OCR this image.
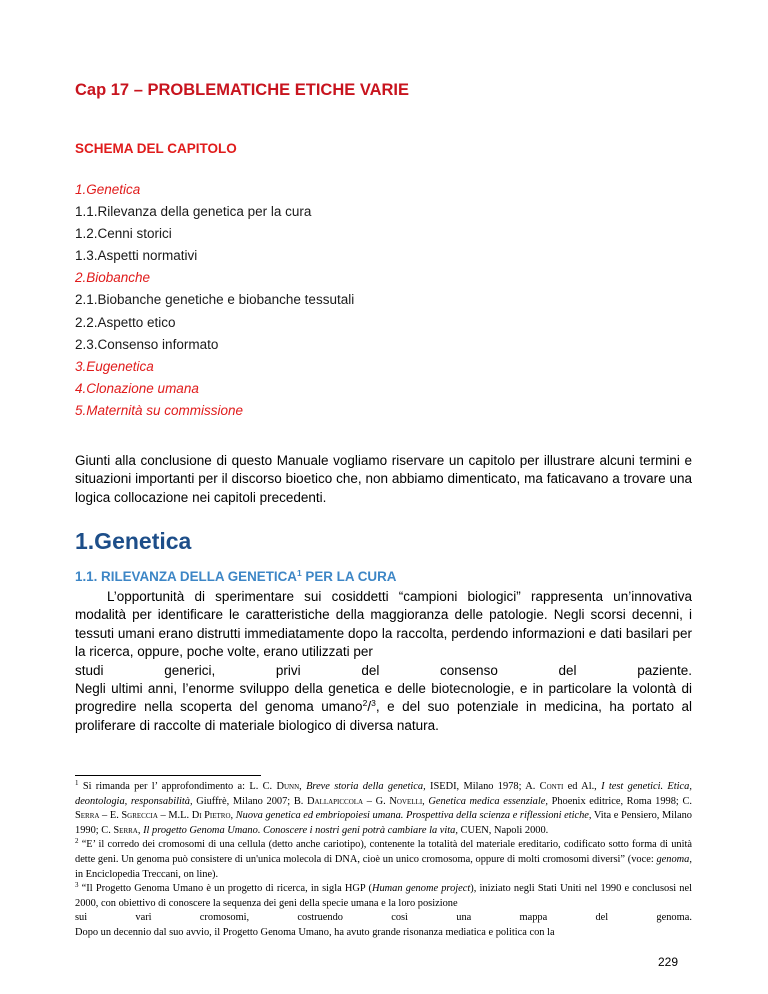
Cap 17 – PROBLEMATICHE ETICHE VARIE
SCHEMA DEL CAPITOLO
1.Genetica
1.1.Rilevanza della genetica per la cura
1.2.Cenni storici
1.3.Aspetti normativi
2.Biobanche
2.1.Biobanche genetiche e biobanche tessutali
2.2.Aspetto etico
2.3.Consenso informato
3.Eugenetica
4.Clonazione umana
5.Maternità su commissione

Giunti alla conclusione di questo Manuale vogliamo riservare un capitolo per illustrare alcuni termini e situazioni importanti per il discorso bioetico che, non abbiamo dimenticato, ma faticavano a trovare una logica collocazione nei capitoli precedenti.

1.Genetica
1.1. RILEVANZA DELLA GENETICA$^1$ PER LA CURA
L’opportunità di sperimentare sui cosiddetti “campioni biologici” rappresenta un’innovativa modalità per identificare le caratteristiche della maggioranza delle patologie. Negli scorsi decenni, i tessuti umani erano distrutti immediatamente dopo la raccolta, perdendo informazioni e dati basilari per la ricerca, oppure, poche volte, erano utilizzati per
studi	generici,	privi	del	consenso	del	paziente.
Negli ultimi anni, l’enorme sviluppo della genetica e delle biotecnologie, e in particolare la volontà di progredire nella scoperta del genoma umano$^2$/$^3$, e del suo potenziale in medicina, ha portato al proliferare di raccolte di materiale biologico di diversa natura.

$^1$ Si rimanda per l’ approfondimento a: L. C. Dunn, Breve storia della genetica, ISEDI, Milano 1978; A. Conti ed Al., I test genetici. Etica, deontologia, responsabilità, Giuffrè, Milano 2007; B. Dallapiccola – G. Novelli, Genetica medica essenziale, Phoenix editrice, Roma 1998; C. Serra – E. Sgreccia – M.L. Di Pietro, Nuova genetica ed embriopoiesi umana. Prospettiva della scienza e riflessioni etiche, Vita e Pensiero, Milano 1990; C. Serra, Il progetto Genoma Umano. Conoscere i nostri geni potrà cambiare la vita, CUEN, Napoli 2000.

$^2$ “E’ il corredo dei cromosomi di una cellula (detto anche cariotipo), contenente la totalità del materiale ereditario, codificato sotto forma di unità dette geni. Un genoma può consistere di un'unica molecola di DNA, cioè un unico cromosoma, oppure di molti cromosomi diversi” (voce: genoma, in Enciclopedia Treccani, on line).

$^3$ “Il Progetto Genoma Umano è un progetto di ricerca, in sigla HGP (Human genome project), iniziato negli Stati Uniti nel 1990 e conclusosi nel 2000, con obiettivo di conoscere la sequenza dei geni della specie umana e la loro posizione

sui	vari	cromosomi,	costruendo	così	una	mappa	del	genoma.

Dopo un decennio dal suo avvio, il Progetto Genoma Umano, ha avuto grande risonanza mediatica e politica con la

229
